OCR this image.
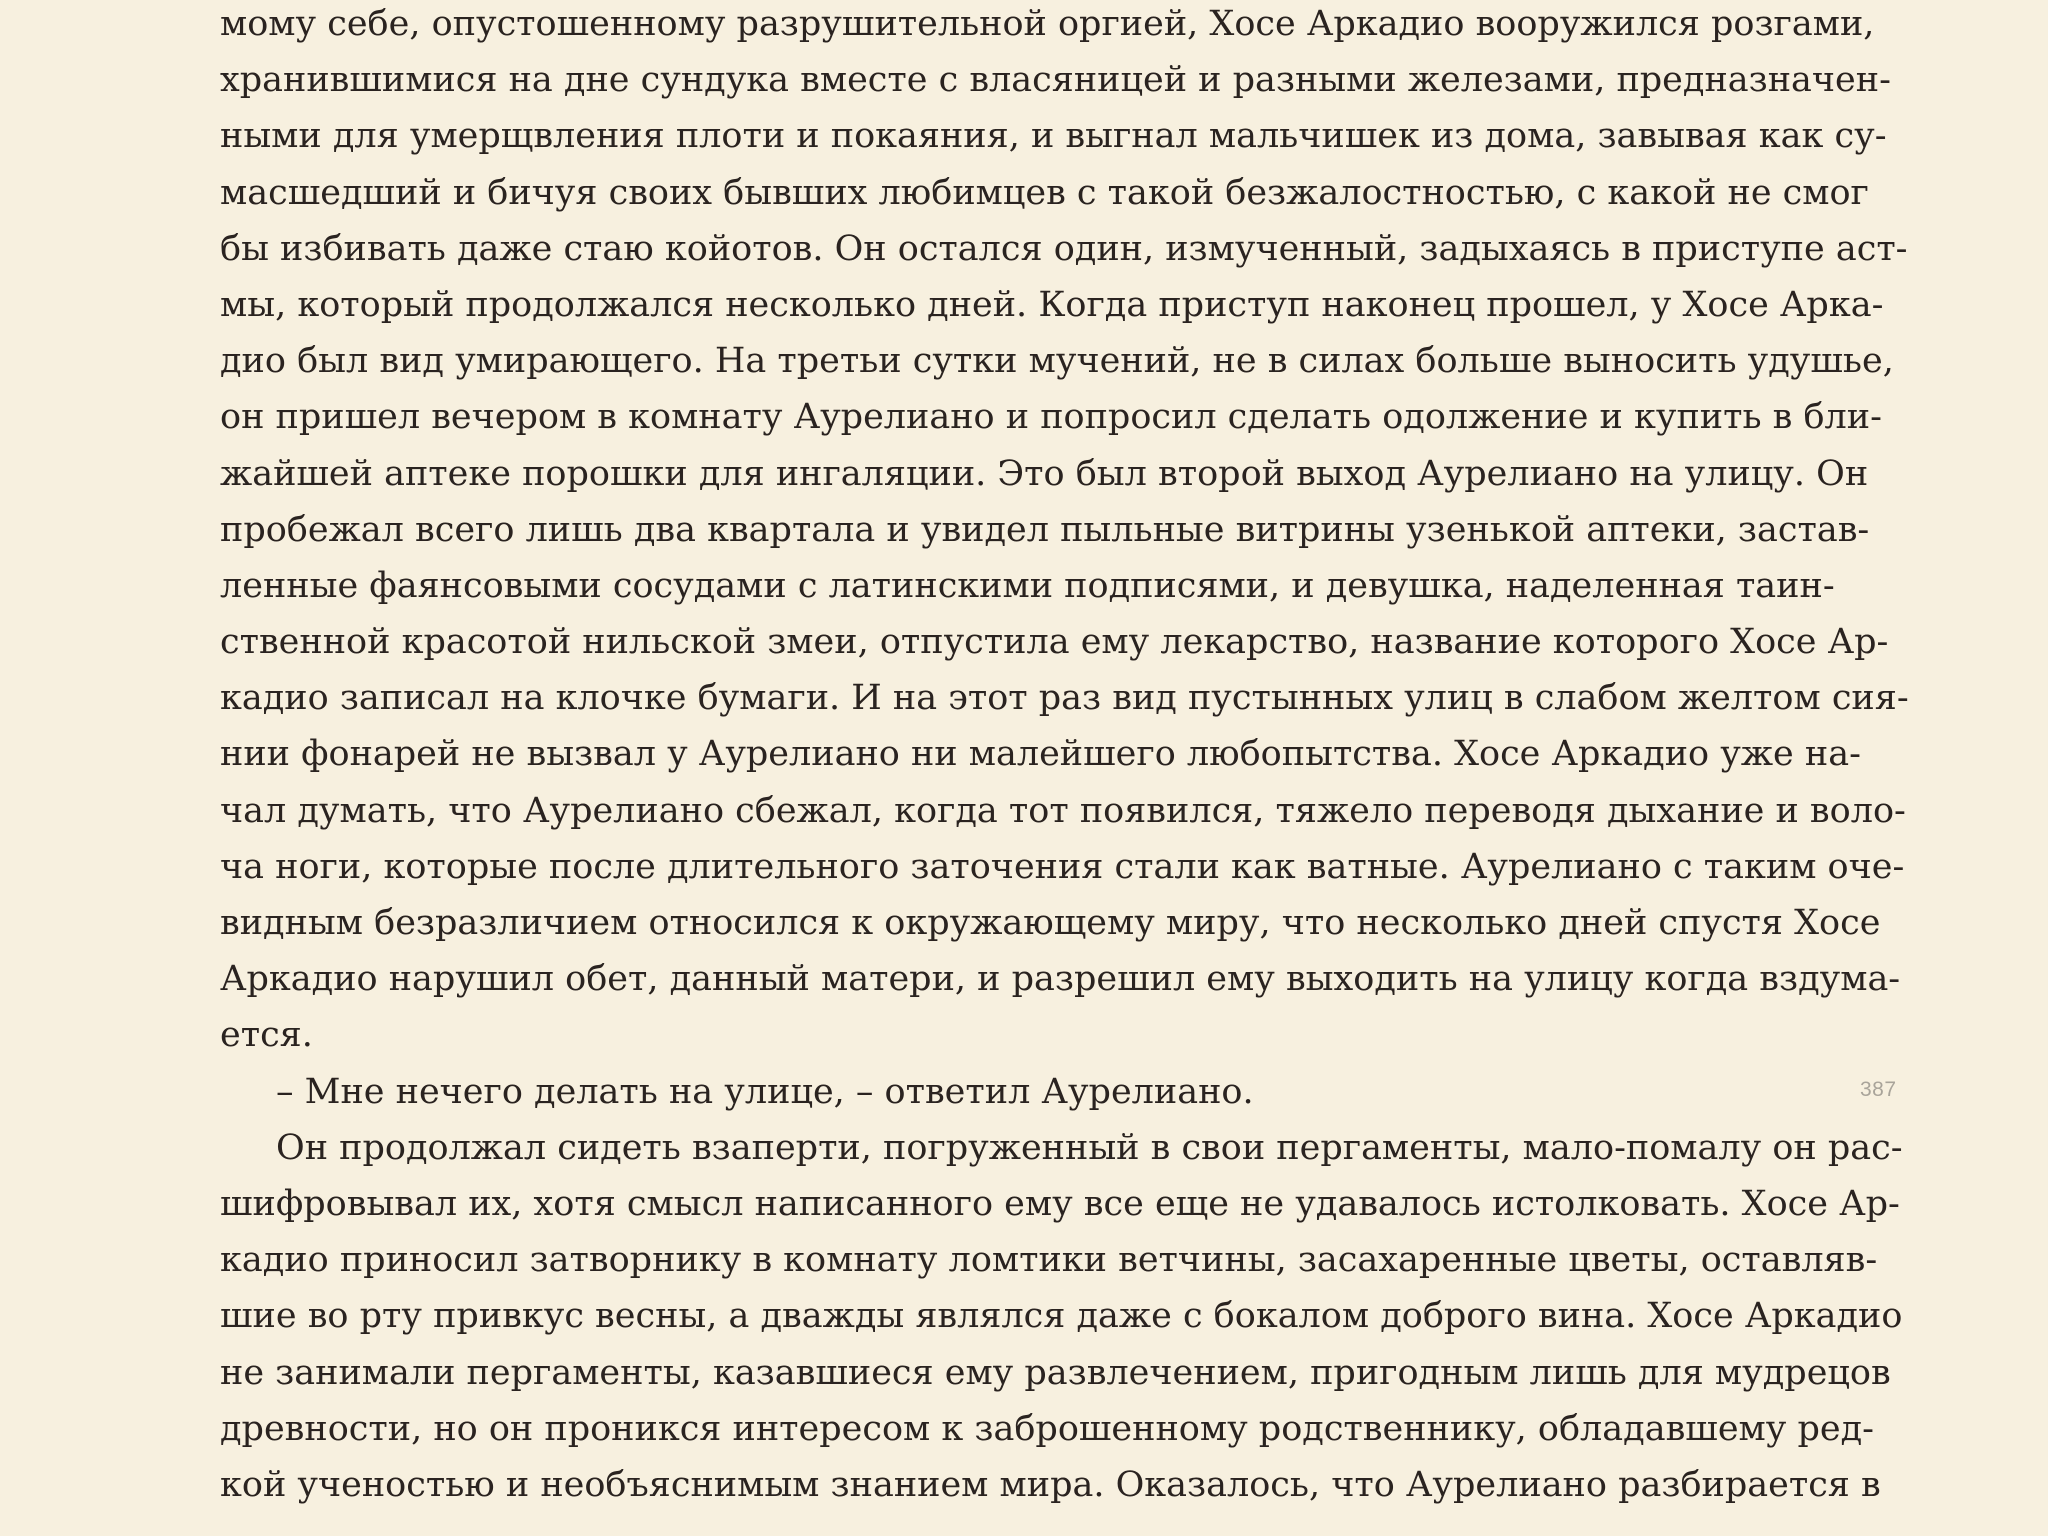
мому себе, опустошенному разрушительной оргией, Хосе Аркадио вооружился розгами,
хранившимися на дне сундука вместе с власяницей и разными железами, предназначен-
ными для умерщвления плоти и покаяния, и выгнал мальчишек из дома, завывая как су-
масшедший и бичуя своих бывших любимцев с такой безжалостностью, с какой не смог
бы избивать даже стаю койотов. Он остался один, измученный, задыхаясь в приступе аст-
мы, который продолжался несколько дней. Когда приступ наконец прошел, у Хосе Арка-
дио был вид умирающего. На третьи сутки мучений, не в силах больше выносить удушье,
он пришел вечером в комнату Аурелиано и попросил сделать одолжение и купить в бли-
жайшей аптеке порошки для ингаляции. Это был второй выход Аурелиано на улицу. Он
пробежал всего лишь два квартала и увидел пыльные витрины узенькой аптеки, застав-
ленные фаянсовыми сосудами с латинскими подписями, и девушка, наделенная таин-
ственной красотой нильской змеи, отпустила ему лекарство, название которого Хосе Ар-
кадио записал на клочке бумаги. И на этот раз вид пустынных улиц в слабом желтом сия-
нии фонарей не вызвал у Аурелиано ни малейшего любопытства. Хосе Аркадио уже на-
чал думать, что Аурелиано сбежал, когда тот появился, тяжело переводя дыхание и воло-
ча ноги, которые после длительного заточения стали как ватные. Аурелиано с таким оче-
видным безразличием относился к окружающему миру, что несколько дней спустя Хосе
Аркадио нарушил обет, данный матери, и разрешил ему выходить на улицу когда вздума-
ется.
– Мне нечего делать на улице, – ответил Аурелиано.
Он продолжал сидеть взаперти, погруженный в свои пергаменты, мало-помалу он рас-
шифровывал их, хотя смысл написанного ему все еще не удавалось истолковать. Хосе Ар-
кадио приносил затворнику в комнату ломтики ветчины, засахаренные цветы, оставляв-
шие во рту привкус весны, а дважды являлся даже с бокалом доброго вина. Хосе Аркадио
не занимали пергаменты, казавшиеся ему развлечением, пригодным лишь для мудрецов
древности, но он проникся интересом к заброшенному родственнику, обладавшему ред-
кой ученостью и необъяснимым знанием мира. Оказалось, что Аурелиано разбирается в
387
